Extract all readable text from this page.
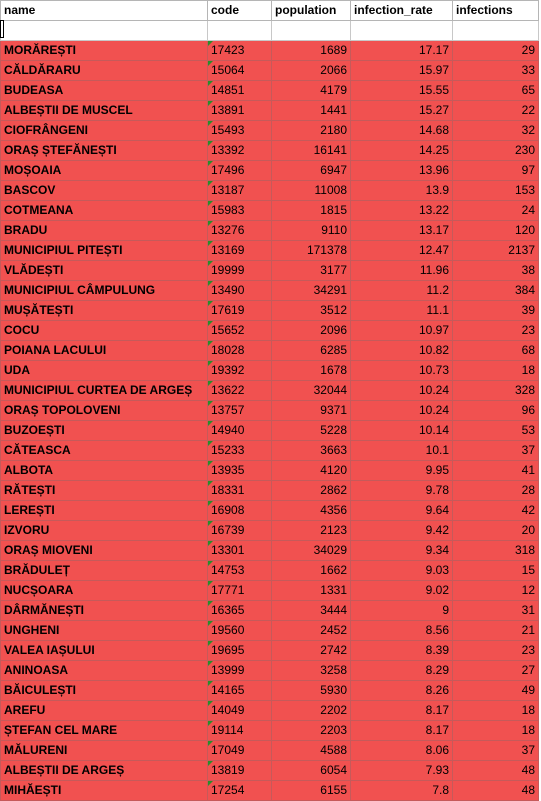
name	code	population	infection_rate	infections

MORĂREȘTI	17423	1689	17.17	29
CĂLDĂRARU	15064	2066	15.97	33
BUDEASA	14851	4179	15.55	65
ALBEȘTII DE MUSCEL	13891	1441	15.27	22
CIOFRÂNGENI	15493	2180	14.68	32
ORAȘ ȘTEFĂNEȘTI	13392	16141	14.25	230
MOȘOAIA	17496	6947	13.96	97
BASCOV	13187	11008	13.9	153
COTMEANA	15983	1815	13.22	24
BRADU	13276	9110	13.17	120
MUNICIPIUL PITEȘTI	13169	171378	12.47	2137
VLĂDEȘTI	19999	3177	11.96	38
MUNICIPIUL CÂMPULUNG	13490	34291	11.2	384
MUȘĂTEȘTI	17619	3512	11.1	39
COCU	15652	2096	10.97	23
POIANA LACULUI	18028	6285	10.82	68
UDA	19392	1678	10.73	18
MUNICIPIUL CURTEA DE ARGEȘ	13622	32044	10.24	328
ORAȘ TOPOLOVENI	13757	9371	10.24	96
BUZOEȘTI	14940	5228	10.14	53
CĂTEASCA	15233	3663	10.1	37
ALBOTA	13935	4120	9.95	41
RĂTEȘTI	18331	2862	9.78	28
LEREȘTI	16908	4356	9.64	42
IZVORU	16739	2123	9.42	20
ORAȘ MIOVENI	13301	34029	9.34	318
BRĂDULEȚ	14753	1662	9.03	15
NUCȘOARA	17771	1331	9.02	12
DÂRMĂNEȘTI	16365	3444	9	31
UNGHENI	19560	2452	8.56	21
VALEA IAȘULUI	19695	2742	8.39	23
ANINOASA	13999	3258	8.29	27
BĂICULEȘTI	14165	5930	8.26	49
AREFU	14049	2202	8.17	18
ȘTEFAN CEL MARE	19114	2203	8.17	18
MĂLURENI	17049	4588	8.06	37
ALBEȘTII DE ARGEȘ	13819	6054	7.93	48
MIHĂEȘTI	17254	6155	7.8	48
